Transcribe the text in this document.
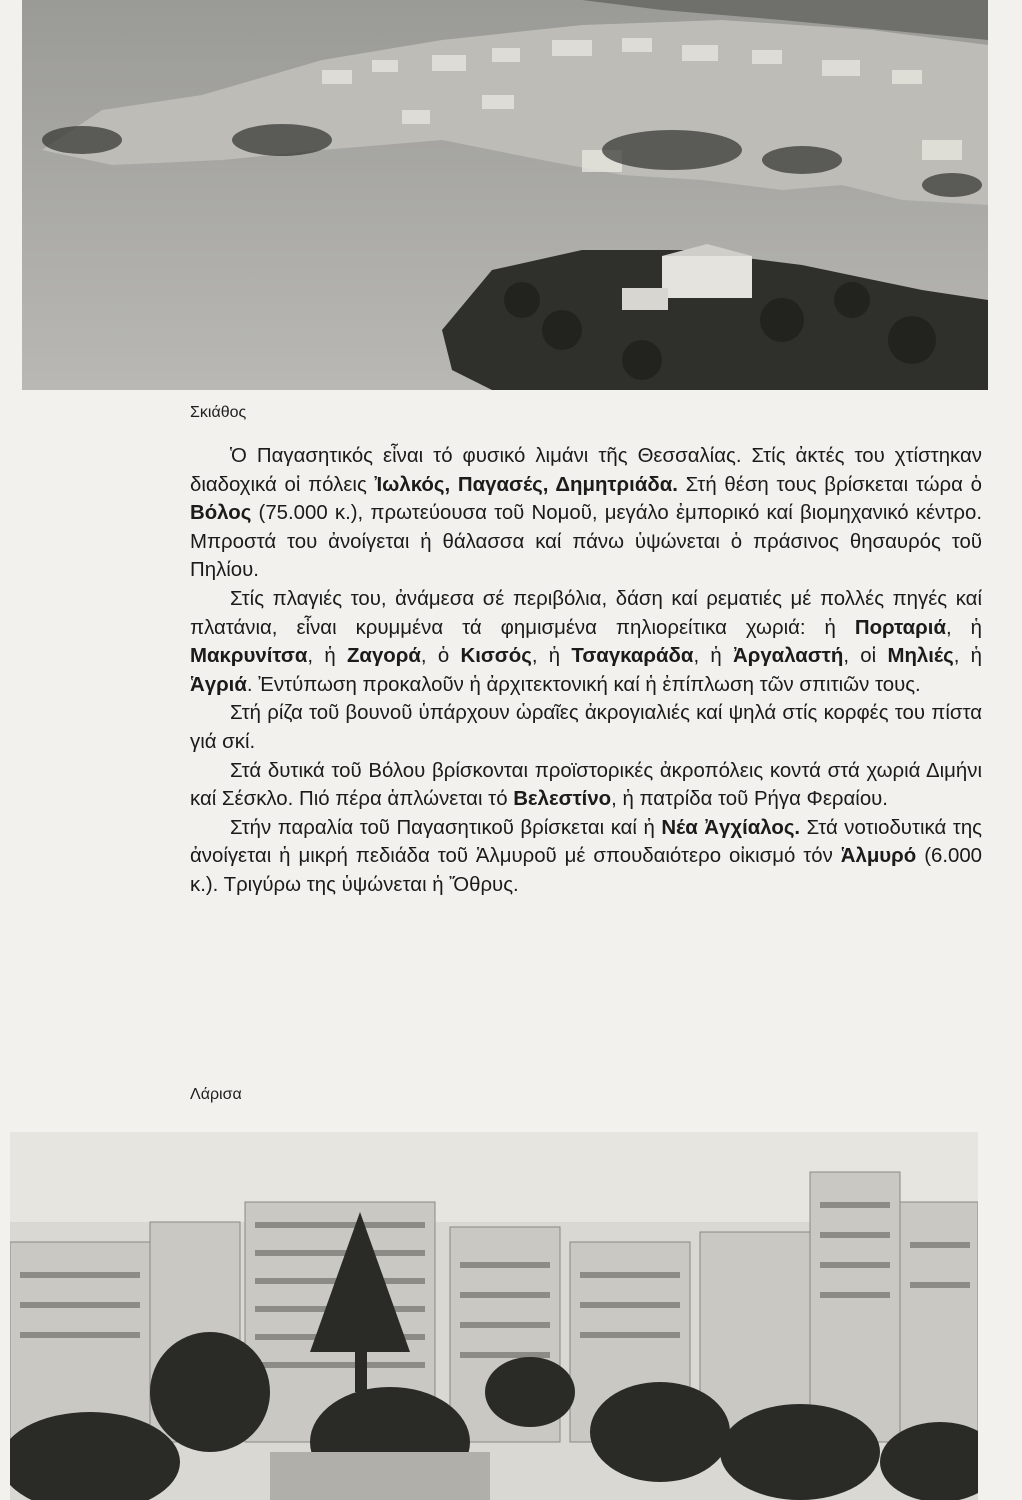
Σκιάθος

Ὁ Παγασητικός εἶναι τό φυσικό λιμάνι τῆς Θεσσαλίας. Στίς ἀκτές του χτίστηκαν διαδοχικά οἱ πόλεις Ἰωλκός, Παγασές, Δημητριάδα. Στή θέση τους βρίσκεται τώρα ὁ Βόλος (75.000 κ.), πρωτεύουσα τοῦ Νομοῦ, μεγάλο ἐμπορικό καί βιομηχανικό κέντρο. Μπροστά του ἀνοίγεται ἡ θάλασσα καί πάνω ὑψώνεται ὁ πράσινος θησαυρός τοῦ Πηλίου.

Στίς πλαγιές του, ἀνάμεσα σέ περιβόλια, δάση καί ρεματιές μέ πολλές πηγές καί πλατάνια, εἶναι κρυμμένα τά φημισμένα πηλιορείτικα χωριά: ἡ Πορταριά, ἡ Μακρυνίτσα, ἡ Ζαγορά, ὁ Κισσός, ἡ Τσαγκαράδα, ἡ Ἀργαλαστή, οἱ Μηλιές, ἡ Ἁγριά. Ἐντύπωση προκαλοῦν ἡ ἀρχιτεκτονική καί ἡ ἐπίπλωση τῶν σπιτιῶν τους.

Στή ρίζα τοῦ βουνοῦ ὑπάρχουν ὡραῖες ἀκρογιαλιές καί ψηλά στίς κορφές του πίστα γιά σκί.

Στά δυτικά τοῦ Βόλου βρίσκονται προϊστορικές ἀκροπόλεις κοντά στά χωριά Διμήνι καί Σέσκλο. Πιό πέρα ἁπλώνεται τό Βελεστίνο, ἡ πατρίδα τοῦ Ρήγα Φεραίου.

Στήν παραλία τοῦ Παγασητικοῦ βρίσκεται καί ἡ Νέα Ἀγχίαλος. Στά νοτιοδυτικά της ἀνοίγεται ἡ μικρή πεδιάδα τοῦ Ἁλμυροῦ μέ σπουδαιότερο οἰκισμό τόν Ἁλμυρό (6.000 κ.). Τριγύρω της ὑψώνεται ἡ Ὄθρυς.

Λάρισα
